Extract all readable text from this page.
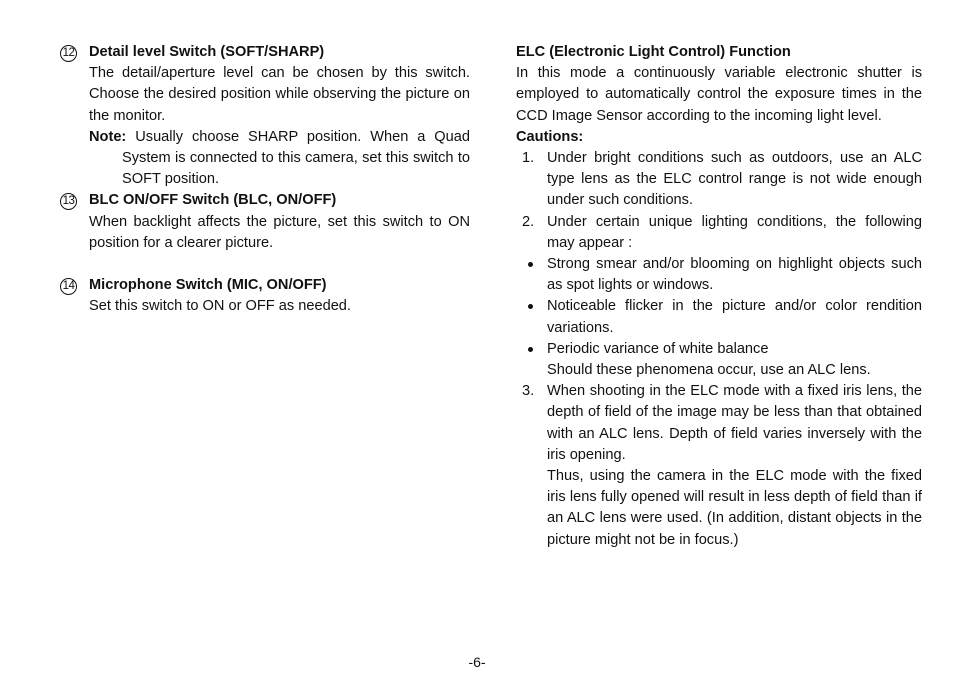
12 Detail level Switch (SOFT/SHARP)

The detail/aperture level can be chosen by this switch. Choose the desired position while observing the picture on the monitor.

Note: Usually choose SHARP position. When a Quad System is connected to this camera, set this switch to SOFT position.

13 BLC ON/OFF Switch (BLC, ON/OFF)

When backlight affects the picture, set this switch to ON position for a clearer picture.

14 Microphone Switch (MIC, ON/OFF)

Set this switch to ON or OFF as needed.

ELC (Electronic Light Control) Function

In this mode a continuously variable electronic shutter is employed to automatically control the exposure times in the CCD Image Sensor according to the incoming light level.

Cautions:
1. Under bright conditions such as outdoors, use an ALC type lens as the ELC control range is not wide enough under such conditions.
2. Under certain unique lighting conditions, the following may appear :
Strong smear and/or blooming on highlight objects such as spot lights or windows.
Noticeable flicker in the picture and/or color rendition variations.
Periodic variance of white balance
Should these phenomena occur, use an ALC lens.
3. When shooting in the ELC mode with a fixed iris lens, the depth of field of the image may be less than that obtained with an ALC lens. Depth of field varies inversely with the iris opening.
Thus, using the camera in the ELC mode with the fixed iris lens fully opened will result in less depth of field than if an ALC lens were used. (In addition, distant objects in the picture might not be in focus.)
-6-
